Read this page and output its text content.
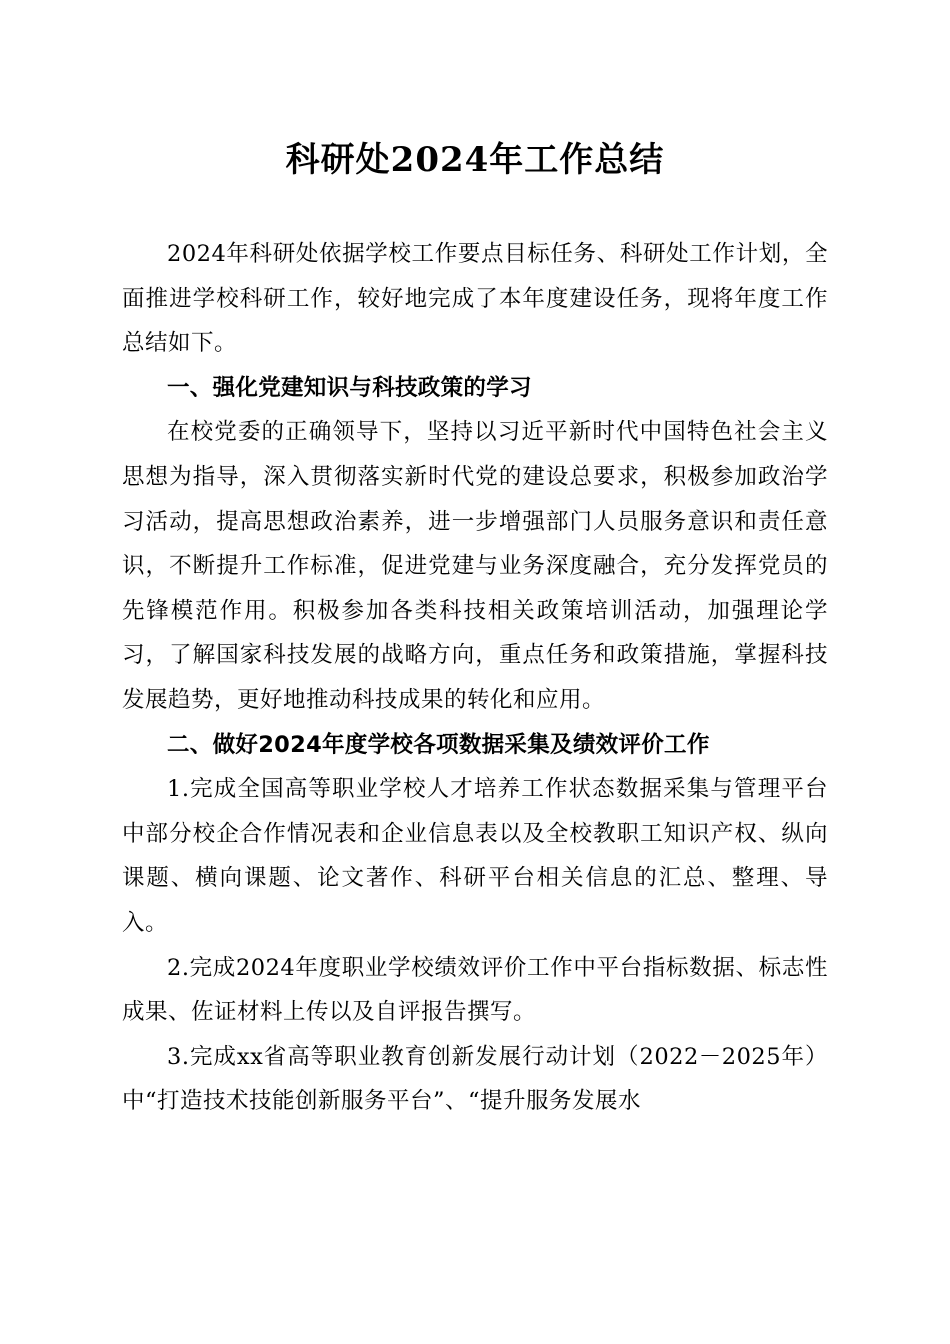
科研处2024年工作总结

2024年科研处依据学校工作要点目标任务、科研处工作计划，全面推进学校科研工作，较好地完成了本年度建设任务，现将年度工作总结如下。

一、强化党建知识与科技政策的学习

在校党委的正确领导下，坚持以习近平新时代中国特色社会主义思想为指导，深入贯彻落实新时代党的建设总要求，积极参加政治学习活动，提高思想政治素养，进一步增强部门人员服务意识和责任意识，不断提升工作标准，促进党建与业务深度融合，充分发挥党员的先锋模范作用。积极参加各类科技相关政策培训活动，加强理论学习，了解国家科技发展的战略方向，重点任务和政策措施，掌握科技发展趋势，更好地推动科技成果的转化和应用。

二、做好2024年度学校各项数据采集及绩效评价工作

1.完成全国高等职业学校人才培养工作状态数据采集与管理平台中部分校企合作情况表和企业信息表以及全校教职工知识产权、纵向课题、横向课题、论文著作、科研平台相关信息的汇总、整理、导入。

2.完成2024年度职业学校绩效评价工作中平台指标数据、标志性成果、佐证材料上传以及自评报告撰写。

3.完成xx省高等职业教育创新发展行动计划（2022－2025年）中“打造技术技能创新服务平台”、“提升服务发展水
